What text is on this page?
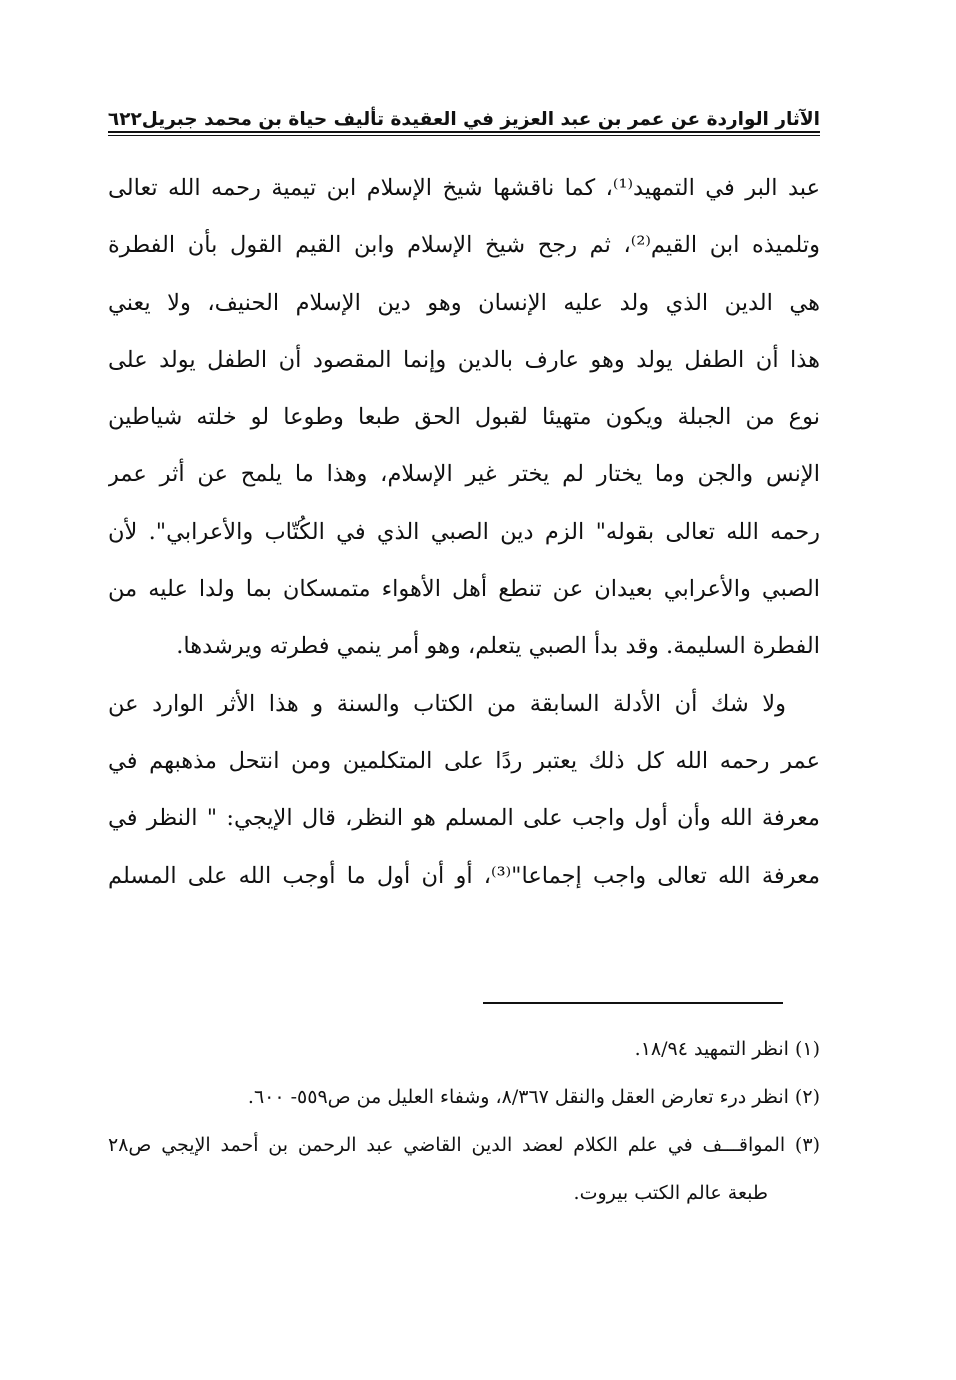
الآثار الواردة عن عمر بن عبد العزيز في العقيدة تأليف حياة بن محمد جبريل
٦٢٢
عبد البر في التمهيد⁽¹⁾، كما ناقشها شيخ الإسلام ابن تيمية رحمه الله تعالى
وتلميذه ابن القيم⁽²⁾، ثم رجح شيخ الإسلام وابن القيم القول بأن الفطرة
هي الدين الذي ولد عليه الإنسان وهو دين الإسلام الحنيف، ولا يعني
هذا أن الطفل يولد وهو عارف بالدين وإنما المقصود أن الطفل يولد على
نوع من الجبلة ويكون متهيئا لقبول الحق طبعا وطوعا لو خلته شياطين
الإنس والجن وما يختار لم يختر غير الإسلام، وهذا ما يلمح عن أثر عمر
رحمه الله تعالى بقوله" الزم دين الصبي الذي في الكُتّاب والأعرابي". لأن
الصبي والأعرابي بعيدان عن تنطع أهل الأهواء متمسكان بما ولدا عليه من
الفطرة السليمة. وقد بدأ الصبي يتعلم، وهو أمر ينمي فطرته ويرشدها.
ولا شك أن الأدلة السابقة من الكتاب والسنة و هذا الأثر الوارد عن
عمر رحمه الله كل ذلك يعتبر ردًا على المتكلمين ومن انتحل مذهبهم في
معرفة الله وأن أول واجب على المسلم هو النظر، قال الإيجي: " النظر في
معرفة الله تعالى واجب إجماعا"⁽³⁾، أو أن أول ما أوجب الله على المسلم
(١) انظر التمهيد ١٨/٩٤.
(٢) انظر درء تعارض العقل والنقل ٨/٣٦٧، وشفاء العليل من ص٥٥٩- ٦٠٠.
(٣) المواقـــف في علم الكلام لعضد الدين القاضي عبد الرحمن بن أحمد الإيجي ص٢٨
طبعة عالم الكتب بيروت.
